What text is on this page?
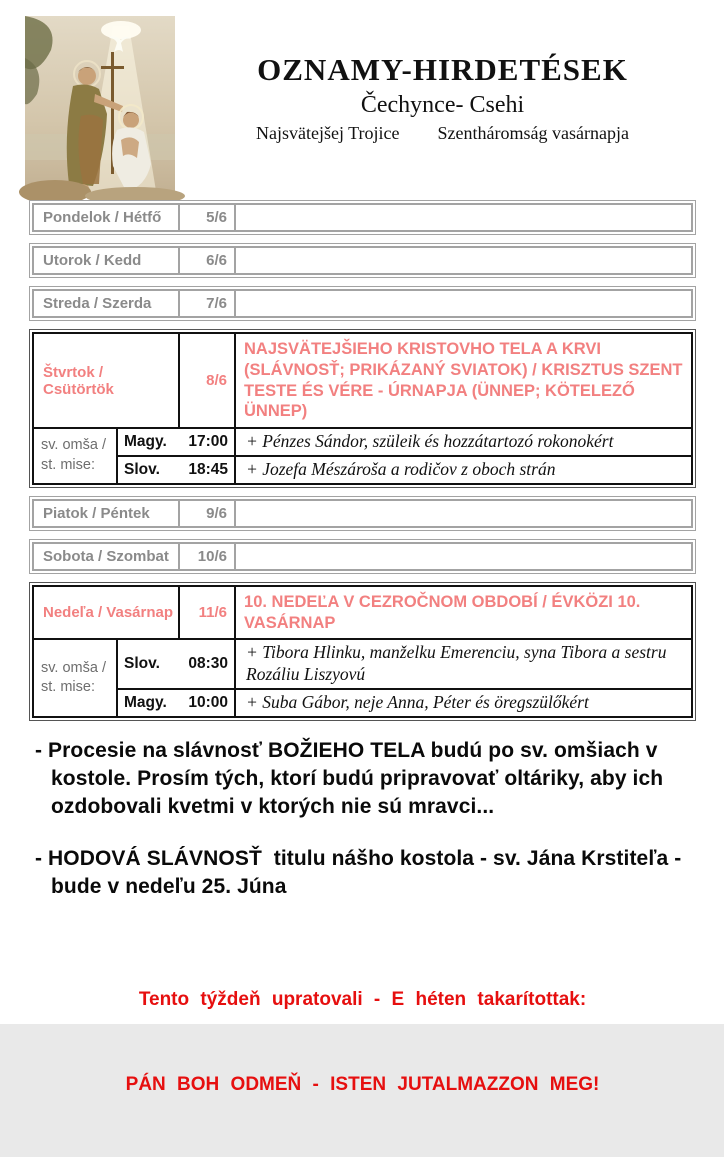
OZNAMY-HIRDETÉSEK
Čechynce- Csehi
Najsvätejšej Trojice Szentháromság vasárnapja
Pondelok / Hétfő	5/6	
Utorok / Kedd	6/6	
Streda / Szerda	7/6	
Štvrtok / Csütörtök		8/6	NAJSVÄTEJŠIEHO KRISTOVHO TELA A KRVI (SLÁVNOSŤ; PRIKÁZANÝ SVIATOK) / KRISZTUS SZENT TESTE ÉS VÉRE - ÚRNAPJA (ÜNNEP; KÖTELEZŐ ÜNNEP)
sv. omša /
st. mise:	Magy. 17:00		+ Pénzes Sándor, szüleik és hozzátartozó rokonokért

	Slov. 18:45		+ Jozefa Mészároša a rodičov z oboch strán
Piatok / Péntek	9/6	
Sobota / Szombat	10/6	
Nedeľa / Vasárnap		11/6	10. NEDEĽA V CEZROČNOM OBDOBÍ / ÉVKÖZI 10. VASÁRNAP
sv. omša /
st. mise:	Slov. 08:30		+ Tibora Hlinku, manželku Emerenciu, syna Tibora a sestru Rozáliu Liszyovú

	Magy. 10:00		+ Suba Gábor, neje Anna, Péter és öregszülőkért
- Procesie na slávnosť BOŽIEHO TELA budú po sv. omšiach v kostole. Prosím tých, ktorí budú pripravovať oltáriky, aby ich ozdobovali kvetmi v ktorých nie sú mravci...
- HODOVÁ SLÁVNOSŤ  titulu nášho kostola - sv. Jána Krstiteľa - bude v nedeľu 25. Júna

Tento týždeň upratovali - E héten takarítottak:

PÁN BOH ODMEŇ - ISTEN JUTALMAZZON MEG!
